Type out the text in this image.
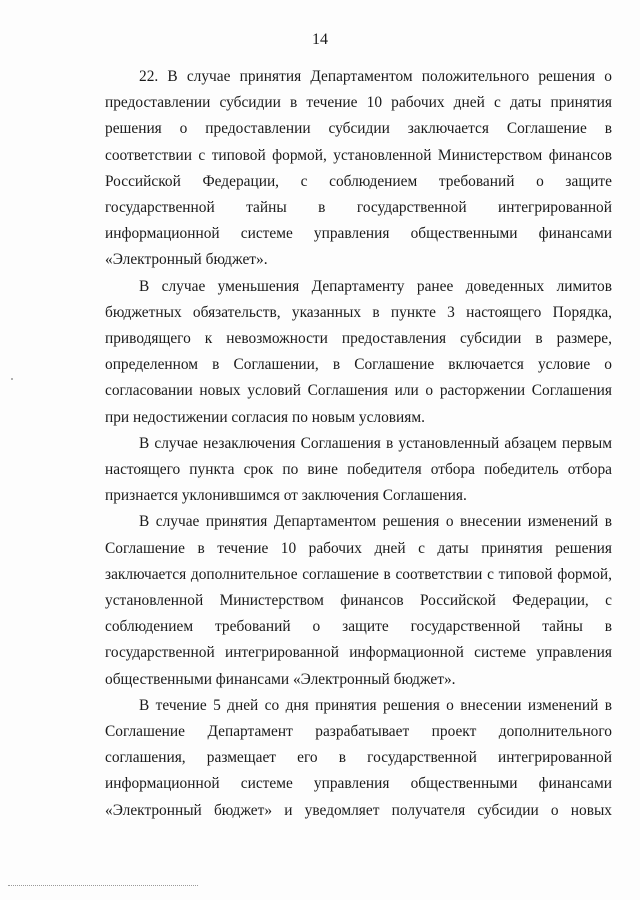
14

22. В случае принятия Департаментом положительного решения о предоставлении субсидии в течение 10 рабочих дней с даты принятия решения о предоставлении субсидии заключается Соглашение в соответствии с типовой формой, установленной Министерством финансов Российской Федерации, с соблюдением требований о защите государственной тайны в государственной интегрированной информационной системе управления общественными финансами «Электронный бюджет».

В случае уменьшения Департаменту ранее доведенных лимитов бюджетных обязательств, указанных в пункте 3 настоящего Порядка, приводящего к невозможности предоставления субсидии в размере, определенном в Соглашении, в Соглашение включается условие о согласовании новых условий Соглашения или о расторжении Соглашения при недостижении согласия по новым условиям.

В случае незаключения Соглашения в установленный абзацем первым настоящего пункта срок по вине победителя отбора победитель отбора признается уклонившимся от заключения Соглашения.

В случае принятия Департаментом решения о внесении изменений в Соглашение в течение 10 рабочих дней с даты принятия решения заключается дополнительное соглашение в соответствии с типовой формой, установленной Министерством финансов Российской Федерации, с соблюдением требований о защите государственной тайны в государственной интегрированной информационной системе управления общественными финансами «Электронный бюджет».

В течение 5 дней со дня принятия решения о внесении изменений в Соглашение Департамент разрабатывает проект дополнительного соглашения, размещает его в государственной интегрированной информационной системе управления общественными финансами «Электронный бюджет» и уведомляет получателя субсидии о новых
